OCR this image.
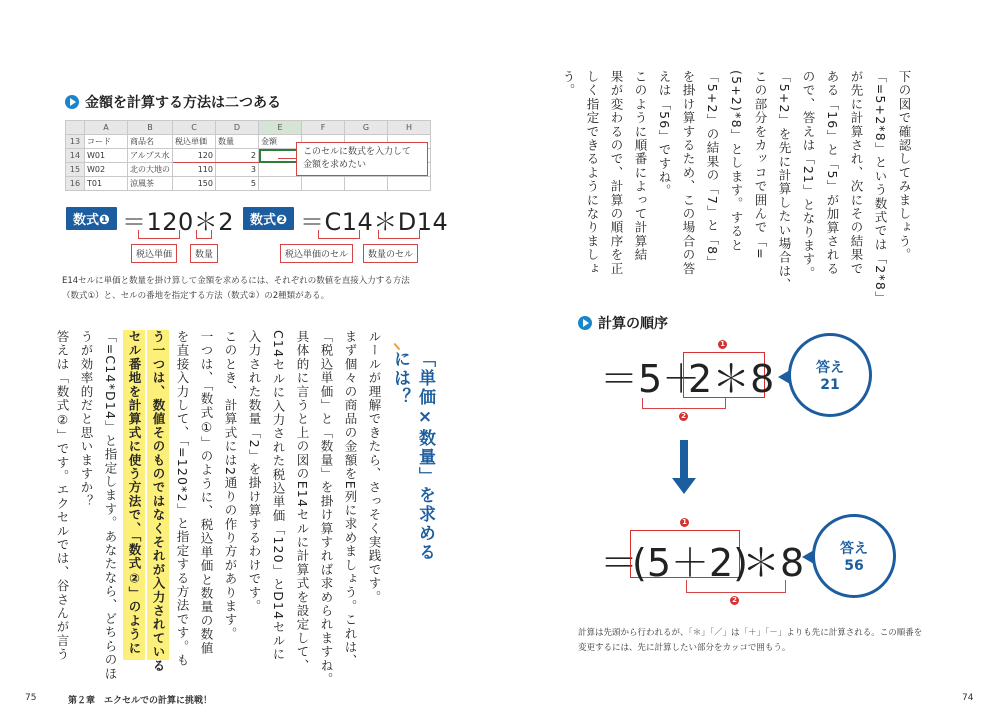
金額を計算する方法は二つある
	A	B	C	D	E	F	G	H
13	コード	商品名	税込単価	数量	金額			
14	W01	アルプス水	120	2				
15	W02	北の大地の	110	3				
16	T01	涼風茶	150	5				
このセルに数式を入力して
金額を求めたい
数式❶ ＝120＊2
税込単価	数量
数式❷ ＝C14＊D14
税込単価のセル	数量のセル
E14セルに単価と数量を掛け算して金額を求めるには、それぞれの数値を直接入力する方法（数式①）と、セルの番地を指定する方法（数式②）の2種類がある。
「単価×数量」を求めるには？
ルールが理解できたら、さっそく実践です。
まず個々の商品の金額をE列に求めましょう。これは、
「税込単価」と「数量」を掛け算すれば求められますね。
具体的に言うと上の図のE14セルに計算式を設定して、
C14セルに入力された税込単価「120」とD14セルに
入力された数量「2」を掛け算するわけです。
このとき、計算式には2通りの作り方があります。
一つは、「数式①」のように、税込単価と数量の数値
を直接入力して、「=120*2」と指定する方法です。も
う一つは、数値そのものではなくそれが入力されている
セル番地を計算式に使う方法で、「数式②」のように
「=C14*D14」と指定します。あなたなら、どちらのほ
うが効率的だと思いますか？
答えは「数式②」です。エクセルでは、谷さんが言う
75	第２章　エクセルでの計算に挑戦！
下の図で確認してみましょう。
「=5+2*8」という数式では「2*8」
が先に計算され、次にその結果で
ある「16」と「5」が加算される
ので、答えは「21」となります。
「5+2」を先に計算したい場合は、
この部分をカッコで囲んで「=
(5+2)*8」とします。すると
「5+2」の結果の「7」と「8」
を掛け算するため、この場合の答
えは「56」ですね。
このように順番によって計算結
果が変わるので、計算の順序を正
しく指定できるようになりましょ
う。
計算の順序
＝5＋
2＊8
1
2
答え
21
＝
(5＋2)
＊8
1
2
答え
56
計算は先頭から行われるが、「＊」「／」は「＋」「－」よりも先に計算される。この順番を変更するには、先に計算したい部分をカッコで囲もう。
74
